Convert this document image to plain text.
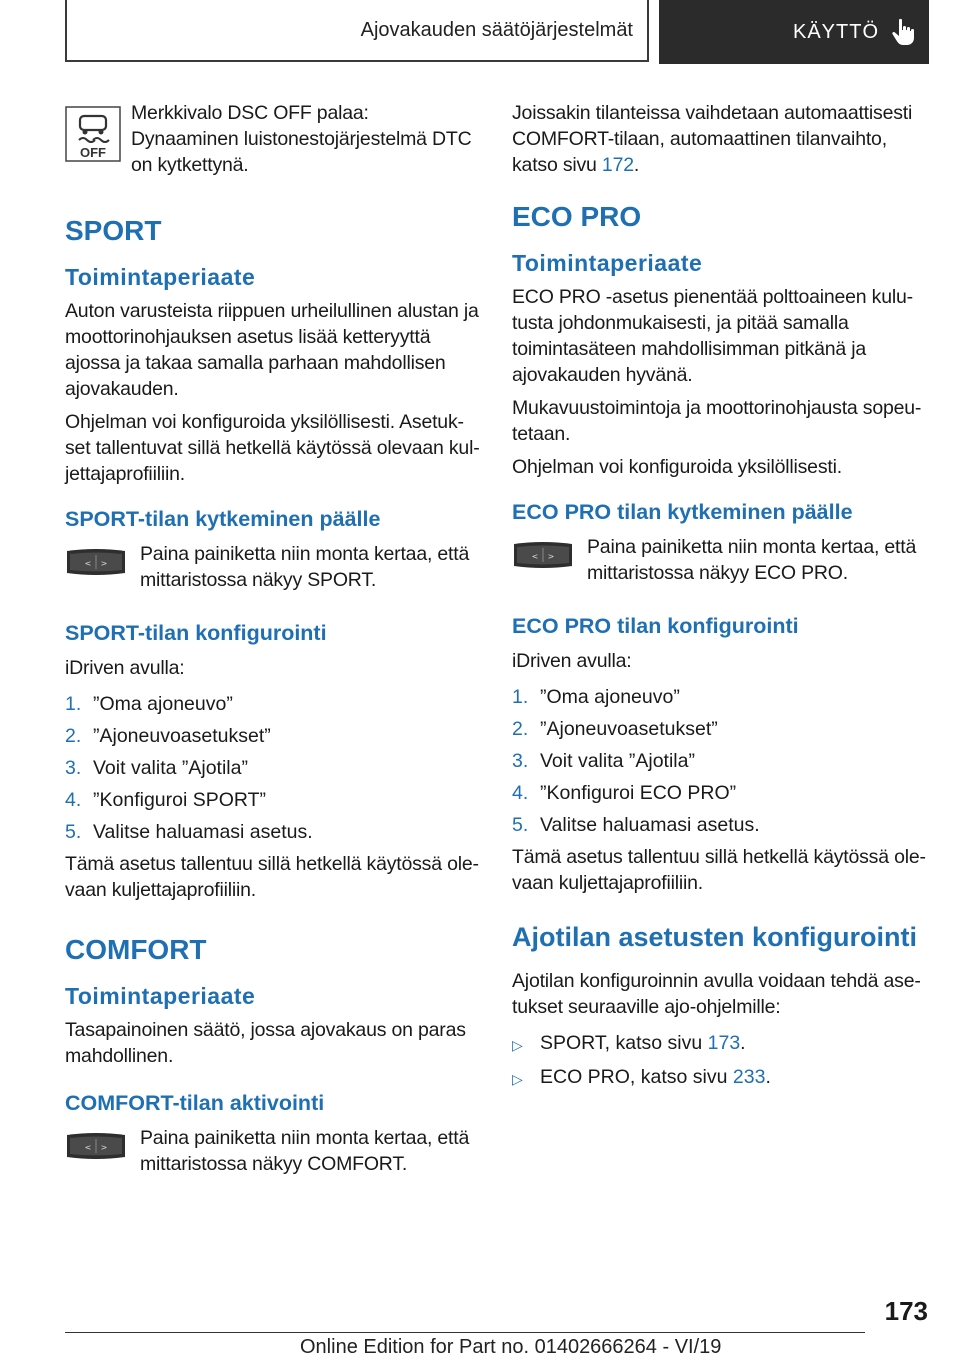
Ajovakauden säätöjärjestelmät	KÄYTTÖ
OFF
Merkkivalo DSC OFF palaa: Dynaaminen luistonestojärjestelmä DTC on kytkettynä.
SPORT
Toimintaperiaate

Auton varusteista riippuen urheilullinen alustan ja moottorinohjauksen asetus lisää ketteryyttä ajossa ja takaa samalla parhaan mahdollisen ajovakauden.

Ohjelman voi konfiguroida yksilöllisesti. Asetukset tallentuvat sillä hetkellä käytössä olevaan kuljettajaprofiiliin.

SPORT-tilan kytkeminen päälle
< > Paina painiketta niin monta kertaa, että mittaristossa näkyy SPORT.
SPORT-tilan konfigurointi

iDriven avulla:

1. ”Oma ajoneuvo”
2. ”Ajoneuvoasetukset”
3. Voit valita ”Ajotila”
4. ”Konfiguroi SPORT”
5. Valitse haluamasi asetus.

Tämä asetus tallentuu sillä hetkellä käytössä olevaan kuljettajaprofiiliin.

COMFORT
Toimintaperiaate

Tasapainoinen säätö, jossa ajovakaus on paras mahdollinen.

COMFORT-tilan aktivointi
< > Paina painiketta niin monta kertaa, että mittaristossa näkyy COMFORT.

Joissakin tilanteissa vaihdetaan automaattisesti COMFORT-tilaan, automaattinen tilanvaihto, katso sivu 172.

ECO PRO
Toimintaperiaate

ECO PRO -asetus pienentää polttoaineen kulutusta johdonmukaisesti, ja pitää samalla toimintasäteen mahdollisimman pitkänä ja ajovakauden hyvänä.

Mukavuustoimintoja ja moottorinohjausta sopeutetaan.

Ohjelman voi konfiguroida yksilöllisesti.

ECO PRO tilan kytkeminen päälle
< > Paina painiketta niin monta kertaa, että mittaristossa näkyy ECO PRO.
ECO PRO tilan konfigurointi

iDriven avulla:

1. ”Oma ajoneuvo”
2. ”Ajoneuvoasetukset”
3. Voit valita ”Ajotila”
4. ”Konfiguroi ECO PRO”
5. Valitse haluamasi asetus.

Tämä asetus tallentuu sillä hetkellä käytössä olevaan kuljettajaprofiiliin.

Ajotilan asetusten konfigurointi

Ajotilan konfiguroinnin avulla voidaan tehdä asetukset seuraaville ajo-ohjelmille:

▷ SPORT, katso sivu 173.
▷ ECO PRO, katso sivu 233.
173
Online Edition for Part no. 01402666264 - VI/19
